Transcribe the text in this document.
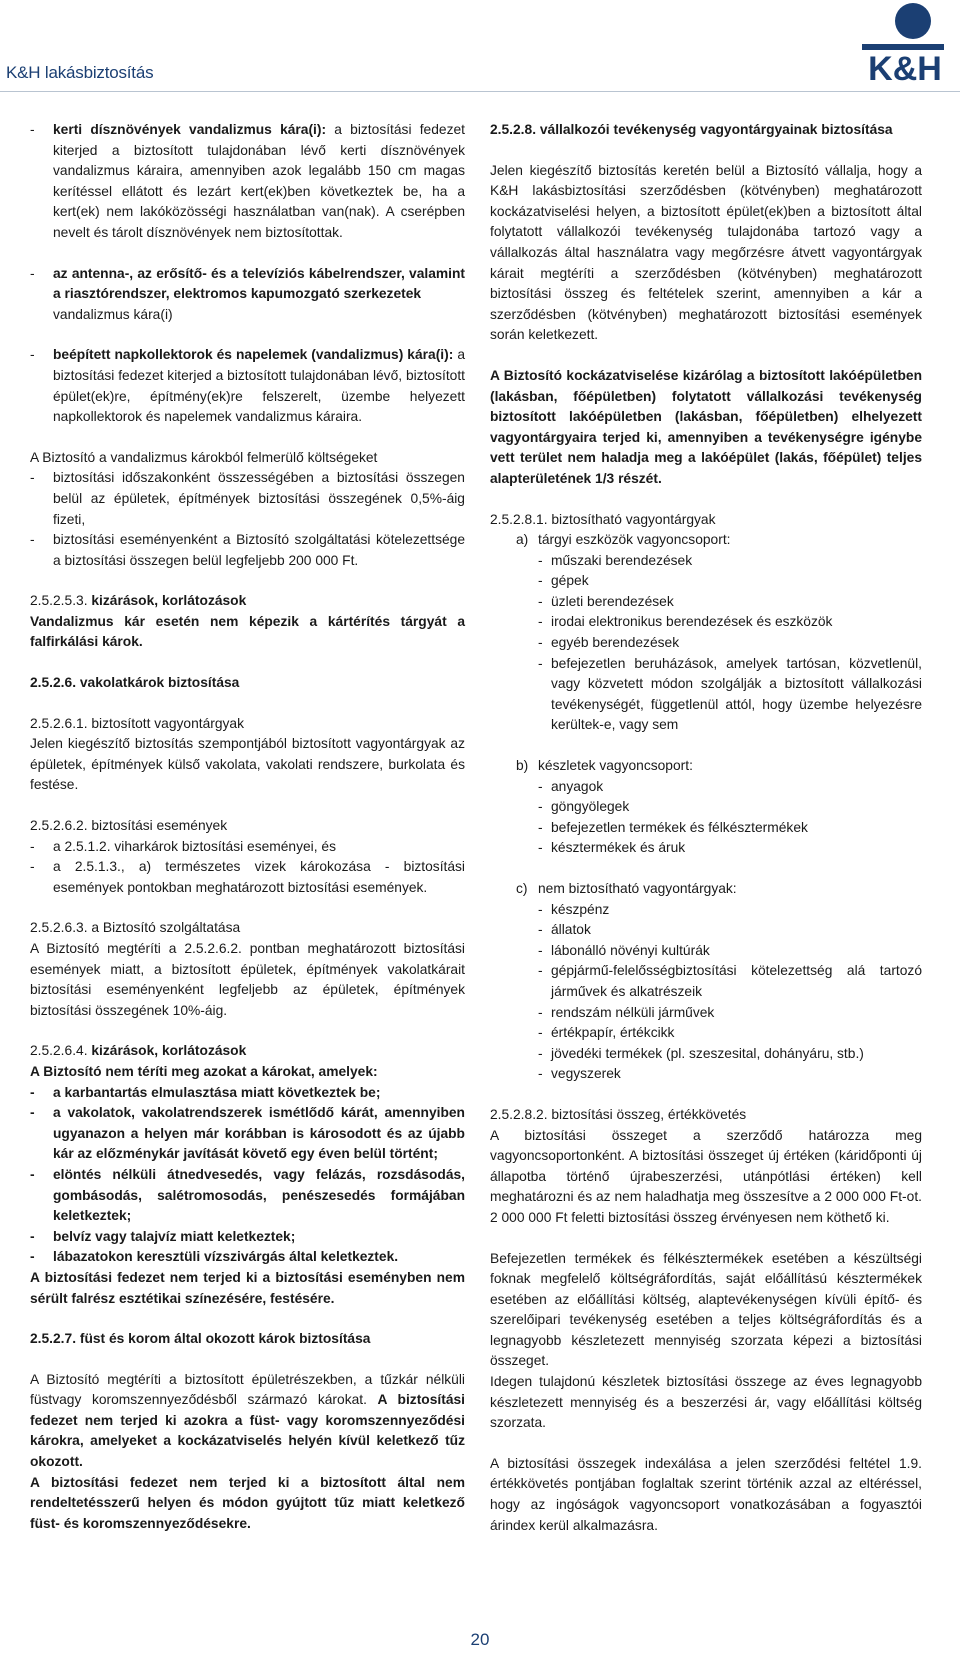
K&H lakásbiztosítás	K&H
- kerti dísznövények vandalizmus kára(i): a biztosítási fedezet kiterjed a biztosított tulajdonában lévő kerti dísznövények vandalizmus káraira, amennyiben azok legalább 150 cm magas kerítéssel ellátott és lezárt kert(ek)ben következtek be, ha a kert(ek) nem lakóközösségi használatban van(nak). A cserépben nevelt és tárolt dísznövények nem biztosítottak.
- az antenna-, az erősítő- és a televíziós kábelrendszer, valamint a riasztórendszer, elektromos kapumozgató szerkezetek
vandalizmus kára(i)
- beépített napkollektorok és napelemek (vandalizmus) kára(i): a biztosítási fedezet kiterjed a biztosított tulajdonában lévő, biztosított épület(ek)re, építmény(ek)re felszerelt, üzembe helyezett napkollektorok és napelemek vandalizmus káraira.

A Biztosító a vandalizmus károkból felmerülő költségeket

- biztosítási időszakonként összességében a biztosítási összegen belül az épületek, építmények biztosítási összegének 0,5%-áig fizeti,
- biztosítási eseményenként a Biztosító szolgáltatási kötelezettsége a biztosítási összegen belül legfeljebb 200 000 Ft.

2.5.2.5.3. kizárások, korlátozások

Vandalizmus kár esetén nem képezik a kártérítés tárgyát a falfirkálási károk.

2.5.2.6. vakolatkárok biztosítása

2.5.2.6.1. biztosított vagyontárgyak

Jelen kiegészítő biztosítás szempontjából biztosított vagyontárgyak az épületek, építmények külső vakolata, vakolati rendszere, burkolata és festése.

2.5.2.6.2. biztosítási események

- a 2.5.1.2. viharkárok biztosítási eseményei, és
- a 2.5.1.3., a) természetes vizek károkozása - biztosítási események pontokban meghatározott biztosítási események.

2.5.2.6.3. a Biztosító szolgáltatása

A Biztosító megtéríti a 2.5.2.6.2. pontban meghatározott biztosítási események miatt, a biztosított épületek, építmények vakolatkárait biztosítási eseményenként legfeljebb az épületek, építmények biztosítási összegének 10%-áig.

2.5.2.6.4. kizárások, korlátozások

A Biztosító nem téríti meg azokat a károkat, amelyek:

- a karbantartás elmulasztása miatt következtek be;
- a vakolatok, vakolatrendszerek ismétlődő kárát, amennyiben ugyanazon a helyen már korábban is károsodott és az újabb kár az előzménykár javítását követő egy éven belül történt;
- elöntés nélküli átnedvesedés, vagy felázás, rozsdásodás, gombásodás, salétromosodás, penészesedés formájában keletkeztek;
- belvíz vagy talajvíz miatt keletkeztek;
- lábazatokon keresztüli vízszivárgás által keletkeztek.

A biztosítási fedezet nem terjed ki a biztosítási eseményben nem sérült falrész esztétikai színezésére, festésére.

2.5.2.7. füst és korom által okozott károk biztosítása

A Biztosító megtéríti a biztosított épületrészekben, a tűzkár nélküli füstvagy koromszennyeződésből származó károkat. A biztosítási fedezet nem terjed ki azokra a füst- vagy koromszennyeződési károkra, amelyeket a kockázatviselés helyén kívül keletkező tűz okozott.

A biztosítási fedezet nem terjed ki a biztosított által nem rendeltetésszerű helyen és módon gyújtott tűz miatt keletkező füst- és koromszennyeződésekre.

2.5.2.8. vállalkozói tevékenység vagyontárgyainak biztosítása

Jelen kiegészítő biztosítás keretén belül a Biztosító vállalja, hogy a K&H lakásbiztosítási szerződésben (kötvényben) meghatározott kockázatviselési helyen, a biztosított épület(ek)ben a biztosított által folytatott vállalkozói tevékenység tulajdonába tartozó vagy a vállalkozás által használatra vagy megőrzésre átvett vagyontárgyak kárait megtéríti a szerződésben (kötvényben) meghatározott biztosítási összeg és feltételek szerint, amennyiben a kár a szerződésben (kötvényben) meghatározott biztosítási események során keletkezett.

A Biztosító kockázatviselése kizárólag a biztosított lakóépületben (lakásban, főépületben) folytatott vállalkozási tevékenység biztosított lakóépületben (lakásban, főépületben) elhelyezett vagyontárgyaira terjed ki, amennyiben a tevékenységre igénybe vett terület nem haladja meg a lakóépület (lakás, főépület) teljes alapterületének 1/3 részét.

2.5.2.8.1. biztosítható vagyontárgyak

a) tárgyi eszközök vagyoncsoport:
- műszaki berendezések
- gépek
- üzleti berendezések
- irodai elektronikus berendezések és eszközök
- egyéb berendezések
- befejezetlen beruházások, amelyek tartósan, közvetlenül, vagy közvetett módon szolgálják a biztosított vállalkozási tevékenységét, függetlenül attól, hogy üzembe helyezésre kerültek-e, vagy sem
b) készletek vagyoncsoport:
- anyagok
- göngyölegek
- befejezetlen termékek és félkésztermékek
- késztermékek és áruk
c) nem biztosítható vagyontárgyak:
- készpénz
- állatok
- lábonálló növényi kultúrák
- gépjármű-felelősségbiztosítási kötelezettség alá tartozó járművek és alkatrészeik
- rendszám nélküli járművek
- értékpapír, értékcikk
- jövedéki termékek (pl. szeszesital, dohányáru, stb.)
- vegyszerek

2.5.2.8.2. biztosítási összeg, értékkövetés

A biztosítási összeget a szerződő határozza meg vagyoncsoportonként. A biztosítási összeget új értéken (káridőponti új állapotba történő újrabeszerzési, utánpótlási értéken) kell meghatározni és az nem haladhatja meg összesítve a 2 000 000 Ft-ot. 2 000 000 Ft feletti biztosítási összeg érvényesen nem köthető ki.

Befejezetlen termékek és félkésztermékek esetében a készültségi foknak megfelelő költségráfordítás, saját előállítású késztermékek esetében az előállítási költség, alaptevékenységen kívüli építő- és szerelőipari tevékenység esetében a teljes költségráfordítás és a legnagyobb készletezett mennyiség szorzata képezi a biztosítási összeget.

Idegen tulajdonú készletek biztosítási összege az éves legnagyobb készletezett mennyiség és a beszerzési ár, vagy előállítási költség szorzata.

A biztosítási összegek indexálása a jelen szerződési feltétel 1.9. értékkövetés pontjában foglaltak szerint történik azzal az eltéréssel, hogy az ingóságok vagyoncsoport vonatkozásában a fogyasztói árindex kerül alkalmazásra.

20
